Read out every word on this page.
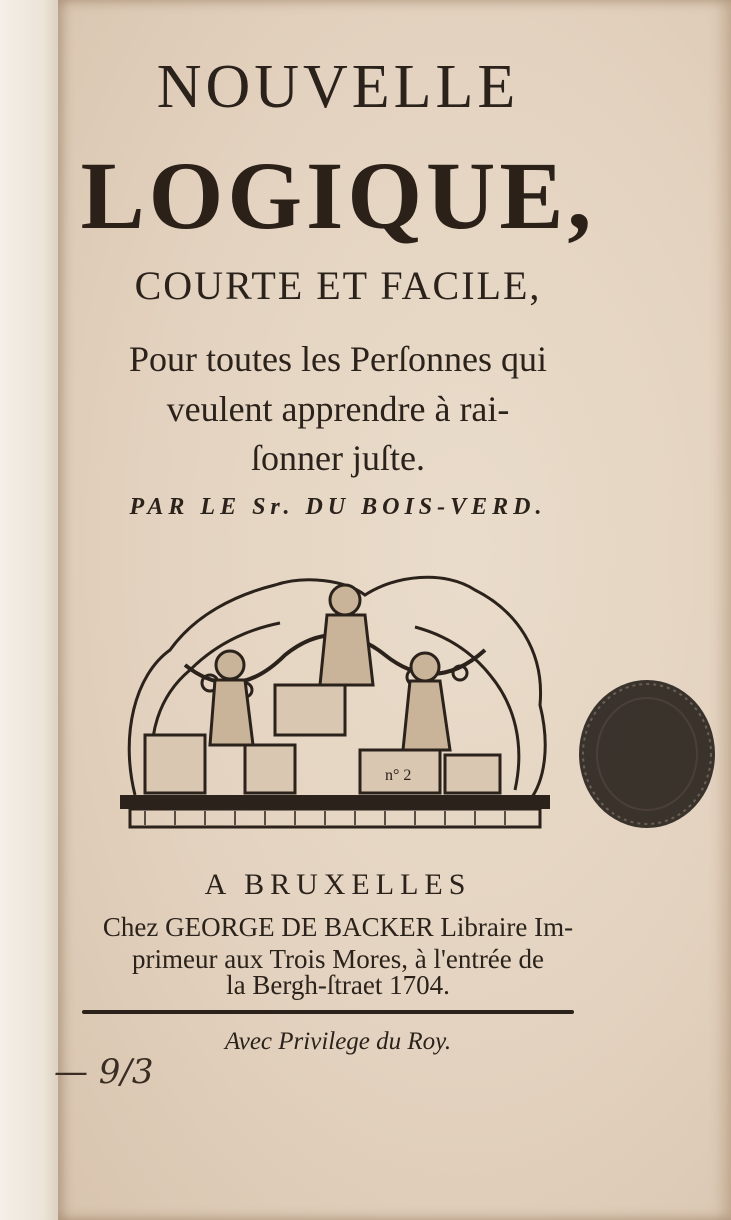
NOUVELLE
LOGIQUE,
COURTE ET FACILE,
Pour toutes les Perſonnes qui
veulent apprendre à rai-
ſonner juſte.
PAR LE Sr. DU BOIS-VERD.
n° 2
A BRUXELLES
Chez GEORGE DE BACKER Libraire Im-
primeur aux Trois Mores, à l'entrée de
la Bergh-ſtraet 1704.
Avec Privilege du Roy.
— 9/3
